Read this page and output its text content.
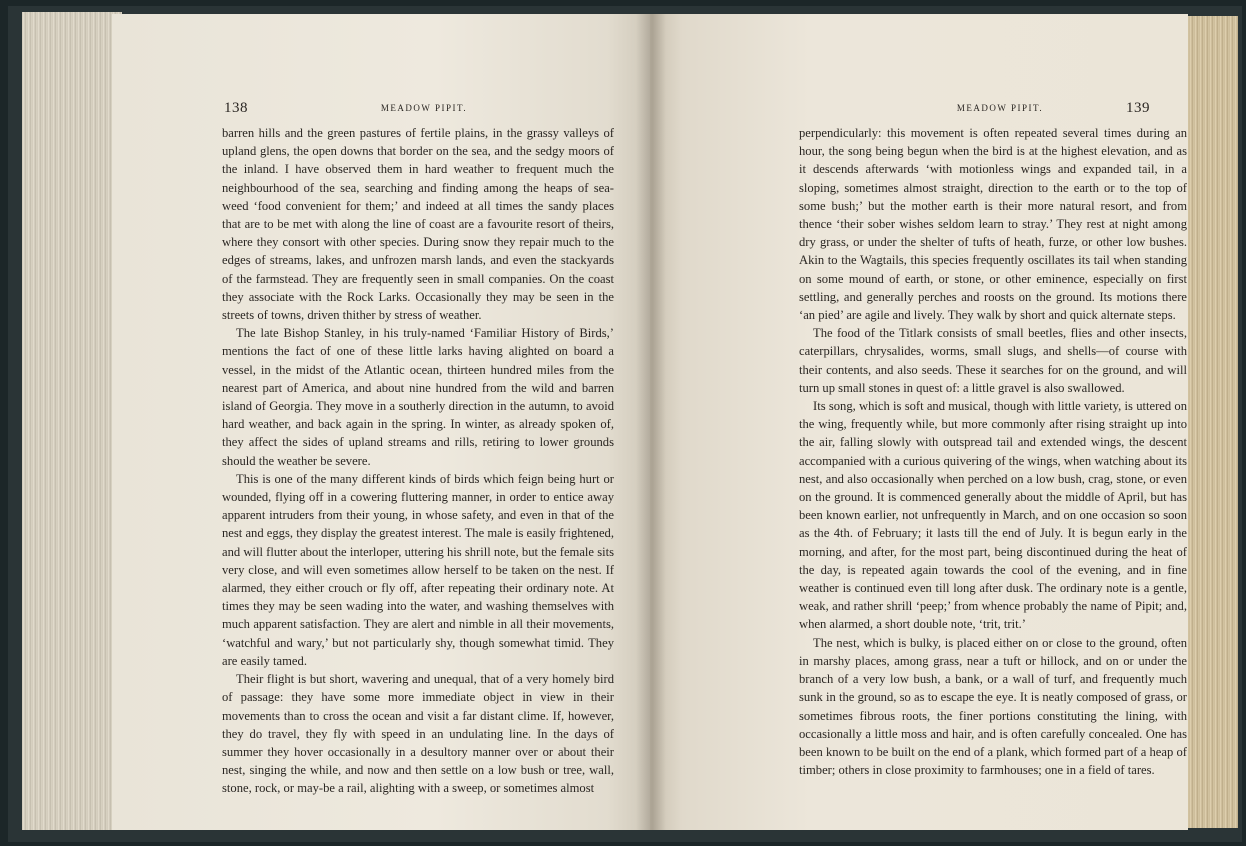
138	MEADOW PIPIT.

barren hills and the green pastures of fertile plains, in the grassy valleys of upland glens, the open downs that border on the sea, and the sedgy moors of the inland. I have observed them in hard weather to frequent much the neighbourhood of the sea, searching and finding among the heaps of sea-weed ‘food convenient for them;’ and indeed at all times the sandy places that are to be met with along the line of coast are a favourite resort of theirs, where they consort with other species. During snow they repair much to the edges of streams, lakes, and unfrozen marsh lands, and even the stackyards of the farmstead. They are frequently seen in small companies. On the coast they associate with the Rock Larks. Occasionally they may be seen in the streets of towns, driven thither by stress of weather.

The late Bishop Stanley, in his truly-named ‘Familiar History of Birds,’ mentions the fact of one of these little larks having alighted on board a vessel, in the midst of the Atlantic ocean, thirteen hundred miles from the nearest part of America, and about nine hundred from the wild and barren island of Georgia. They move in a southerly direction in the autumn, to avoid hard weather, and back again in the spring. In winter, as already spoken of, they affect the sides of upland streams and rills, retiring to lower grounds should the weather be severe.

This is one of the many different kinds of birds which feign being hurt or wounded, flying off in a cowering fluttering manner, in order to entice away apparent intruders from their young, in whose safety, and even in that of the nest and eggs, they display the greatest interest. The male is easily frightened, and will flutter about the interloper, uttering his shrill note, but the female sits very close, and will even sometimes allow herself to be taken on the nest. If alarmed, they either crouch or fly off, after repeating their ordinary note. At times they may be seen wading into the water, and washing themselves with much apparent satisfaction. They are alert and nimble in all their movements, ‘watchful and wary,’ but not particularly shy, though somewhat timid. They are easily tamed.

Their flight is but short, wavering and unequal, that of a very homely bird of passage: they have some more immediate object in view in their movements than to cross the ocean and visit a far distant clime. If, however, they do travel, they fly with speed in an undulating line. In the days of summer they hover occasionally in a desultory manner over or about their nest, singing the while, and now and then settle on a low bush or tree, wall, stone, rock, or may-be a rail, alighting with a sweep, or sometimes almost

MEADOW PIPIT.	139

perpendicularly: this movement is often repeated several times during an hour, the song being begun when the bird is at the highest elevation, and as it descends afterwards ‘with motionless wings and expanded tail, in a sloping, sometimes almost straight, direction to the earth or to the top of some bush;’ but the mother earth is their more natural resort, and from thence ‘their sober wishes seldom learn to stray.’ They rest at night among dry grass, or under the shelter of tufts of heath, furze, or other low bushes. Akin to the Wagtails, this species frequently oscillates its tail when standing on some mound of earth, or stone, or other eminence, especially on first settling, and generally perches and roosts on the ground. Its motions there ‘an pied’ are agile and lively. They walk by short and quick alternate steps.

The food of the Titlark consists of small beetles, flies and other insects, caterpillars, chrysalides, worms, small slugs, and shells—of course with their contents, and also seeds. These it searches for on the ground, and will turn up small stones in quest of: a little gravel is also swallowed.

Its song, which is soft and musical, though with little variety, is uttered on the wing, frequently while, but more commonly after rising straight up into the air, falling slowly with outspread tail and extended wings, the descent accompanied with a curious quivering of the wings, when watching about its nest, and also occasionally when perched on a low bush, crag, stone, or even on the ground. It is commenced generally about the middle of April, but has been known earlier, not unfrequently in March, and on one occasion so soon as the 4th. of February; it lasts till the end of July. It is begun early in the morning, and after, for the most part, being discontinued during the heat of the day, is repeated again towards the cool of the evening, and in fine weather is continued even till long after dusk. The ordinary note is a gentle, weak, and rather shrill ‘peep;’ from whence probably the name of Pipit; and, when alarmed, a short double note, ‘trit, trit.’

The nest, which is bulky, is placed either on or close to the ground, often in marshy places, among grass, near a tuft or hillock, and on or under the branch of a very low bush, a bank, or a wall of turf, and frequently much sunk in the ground, so as to escape the eye. It is neatly composed of grass, or sometimes fibrous roots, the finer portions constituting the lining, with occasionally a little moss and hair, and is often carefully concealed. One has been known to be built on the end of a plank, which formed part of a heap of timber; others in close proximity to farmhouses; one in a field of tares.
